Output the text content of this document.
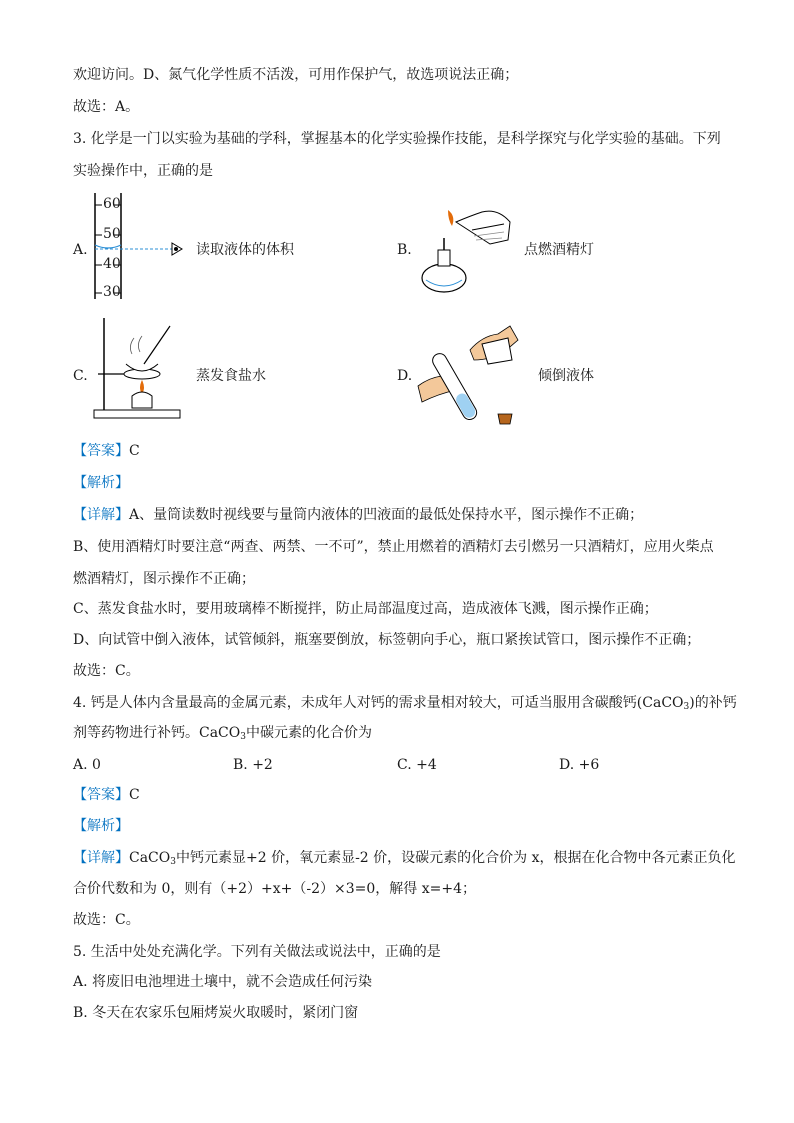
欢迎访问。D、氮气化学性质不活泼，可用作保护气，故选项说法正确；
故选：A。
3. 化学是一门以实验为基础的学科，掌握基本的化学实验操作技能，是科学探究与化学实验的基础。下列
实验操作中，正确的是
A.
60
50
40
30
读取液体的体积	B.	点燃酒精灯
C.	蒸发食盐水	D.	倾倒液体
【答案】C
【解析】
【详解】A、量筒读数时视线要与量筒内液体的凹液面的最低处保持水平，图示操作不正确；
B、使用酒精灯时要注意“两查、两禁、一不可”，禁止用燃着的酒精灯去引燃另一只酒精灯，应用火柴点
燃酒精灯，图示操作不正确；
C、蒸发食盐水时，要用玻璃棒不断搅拌，防止局部温度过高，造成液体飞溅，图示操作正确；
D、向试管中倒入液体，试管倾斜，瓶塞要倒放，标签朝向手心，瓶口紧挨试管口，图示操作不正确；
故选：C。
4. 钙是人体内含量最高的金属元素，未成年人对钙的需求量相对较大，可适当服用含碳酸钙(CaCO$_3$)的补钙
剂等药物进行补钙。CaCO$_3$中碳元素的化合价为
A. 0	B. +2	C. +4	D. +6
【答案】C
【解析】
【详解】CaCO$_3$中钙元素显+2 价，氧元素显-2 价，设碳元素的化合价为 x，根据在化合物中各元素正负化
合价代数和为 0，则有（+2）+x+（-2）×3=0，解得 x=+4；
故选：C。
5. 生活中处处充满化学。下列有关做法或说法中，正确的是
A. 将废旧电池埋进土壤中，就不会造成任何污染
B. 冬天在农家乐包厢烤炭火取暖时，紧闭门窗
